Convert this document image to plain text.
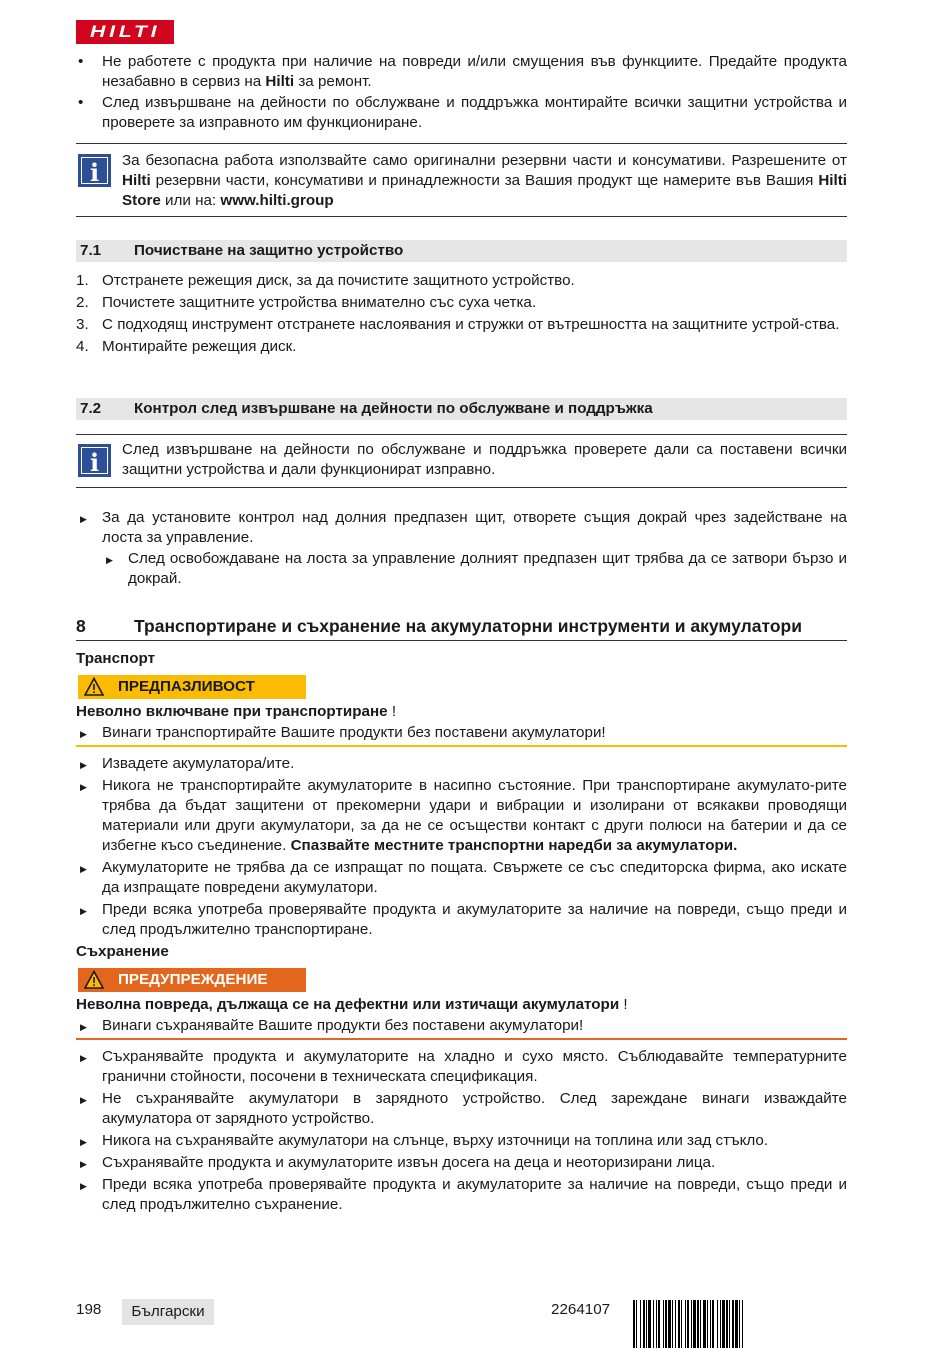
HILTI
• Не работете с продукта при наличие на повреди и/или смущения във функциите. Предайте продукта незабавно в сервиз на Hilti за ремонт.
• След извършване на дейности по обслужване и поддръжка монтирайте всички защитни устройства и проверете за изправното им функциониране.
i	За безопасна работа използвайте само оригинални резервни части и консумативи. Разрешените от Hilti резервни части, консумативи и принадлежности за Вашия продукт ще намерите във Вашия Hilti Store или на: www.hilti.group
7.1 Почистване на защитно устройство
1. Отстранете режещия диск, за да почистите защитното устройство.
2. Почистете защитните устройства внимателно със суха четка.
3. С подходящ инструмент отстранете наслоявания и стружки от вътрешността на защитните устрой-ства.
4. Монтирайте режещия диск.
7.2 Контрол след извършване на дейности по обслужване и поддръжка
i	След извършване на дейности по обслужване и поддръжка проверете дали са поставени всички защитни устройства и дали функционират изправно.
▶ За да установите контрол над долния предпазен щит, отворете същия докрай чрез задействане на лоста за управление.
▶ След освобождаване на лоста за управление долният предпазен щит трябва да се затвори бързо и докрай.
8	Транспортиране и съхранение на акумулаторни инструменти и акумулатори
Транспорт
ПРЕДПАЗЛИВОСТ
Неволно включване при транспортиране !
▶ Винаги транспортирайте Вашите продукти без поставени акумулатори!
▶ Извадете акумулатора/ите.
▶ Никога не транспортирайте акумулаторите в насипно състояние. При транспортиране акумулато-рите трябва да бъдат защитени от прекомерни удари и вибрации и изолирани от всякакви проводящи материали или други акумулатори, за да не се осъществи контакт с други полюси на батерии и да се избегне късо съединение. Спазвайте местните транспортни наредби за акумулатори.
▶ Акумулаторите не трябва да се изпращат по пощата. Свържете се със спедиторска фирма, ако искате да изпращате повредени акумулатори.
▶ Преди всяка употреба проверявайте продукта и акумулаторите за наличие на повреди, също преди и след продължително транспортиране.
Съхранение
ПРЕДУПРЕЖДЕНИЕ
Неволна повреда, дължаща се на дефектни или изтичащи акумулатори !
▶ Винаги съхранявайте Вашите продукти без поставени акумулатори!
▶ Съхранявайте продукта и акумулаторите на хладно и сухо място. Съблюдавайте температурните гранични стойности, посочени в техническата спецификация.
▶ Не съхранявайте акумулатори в зарядното устройство. След зареждане винаги изваждайте акумулатора от зарядното устройство.
▶ Никога на съхранявайте акумулатори на слънце, върху източници на топлина или зад стъкло.
▶ Съхранявайте продукта и акумулаторите извън досега на деца и неоторизирани лица.
▶ Преди всяка употреба проверявайте продукта и акумулаторите за наличие на повреди, също преди и след продължително съхранение.
198	Български	2264107
